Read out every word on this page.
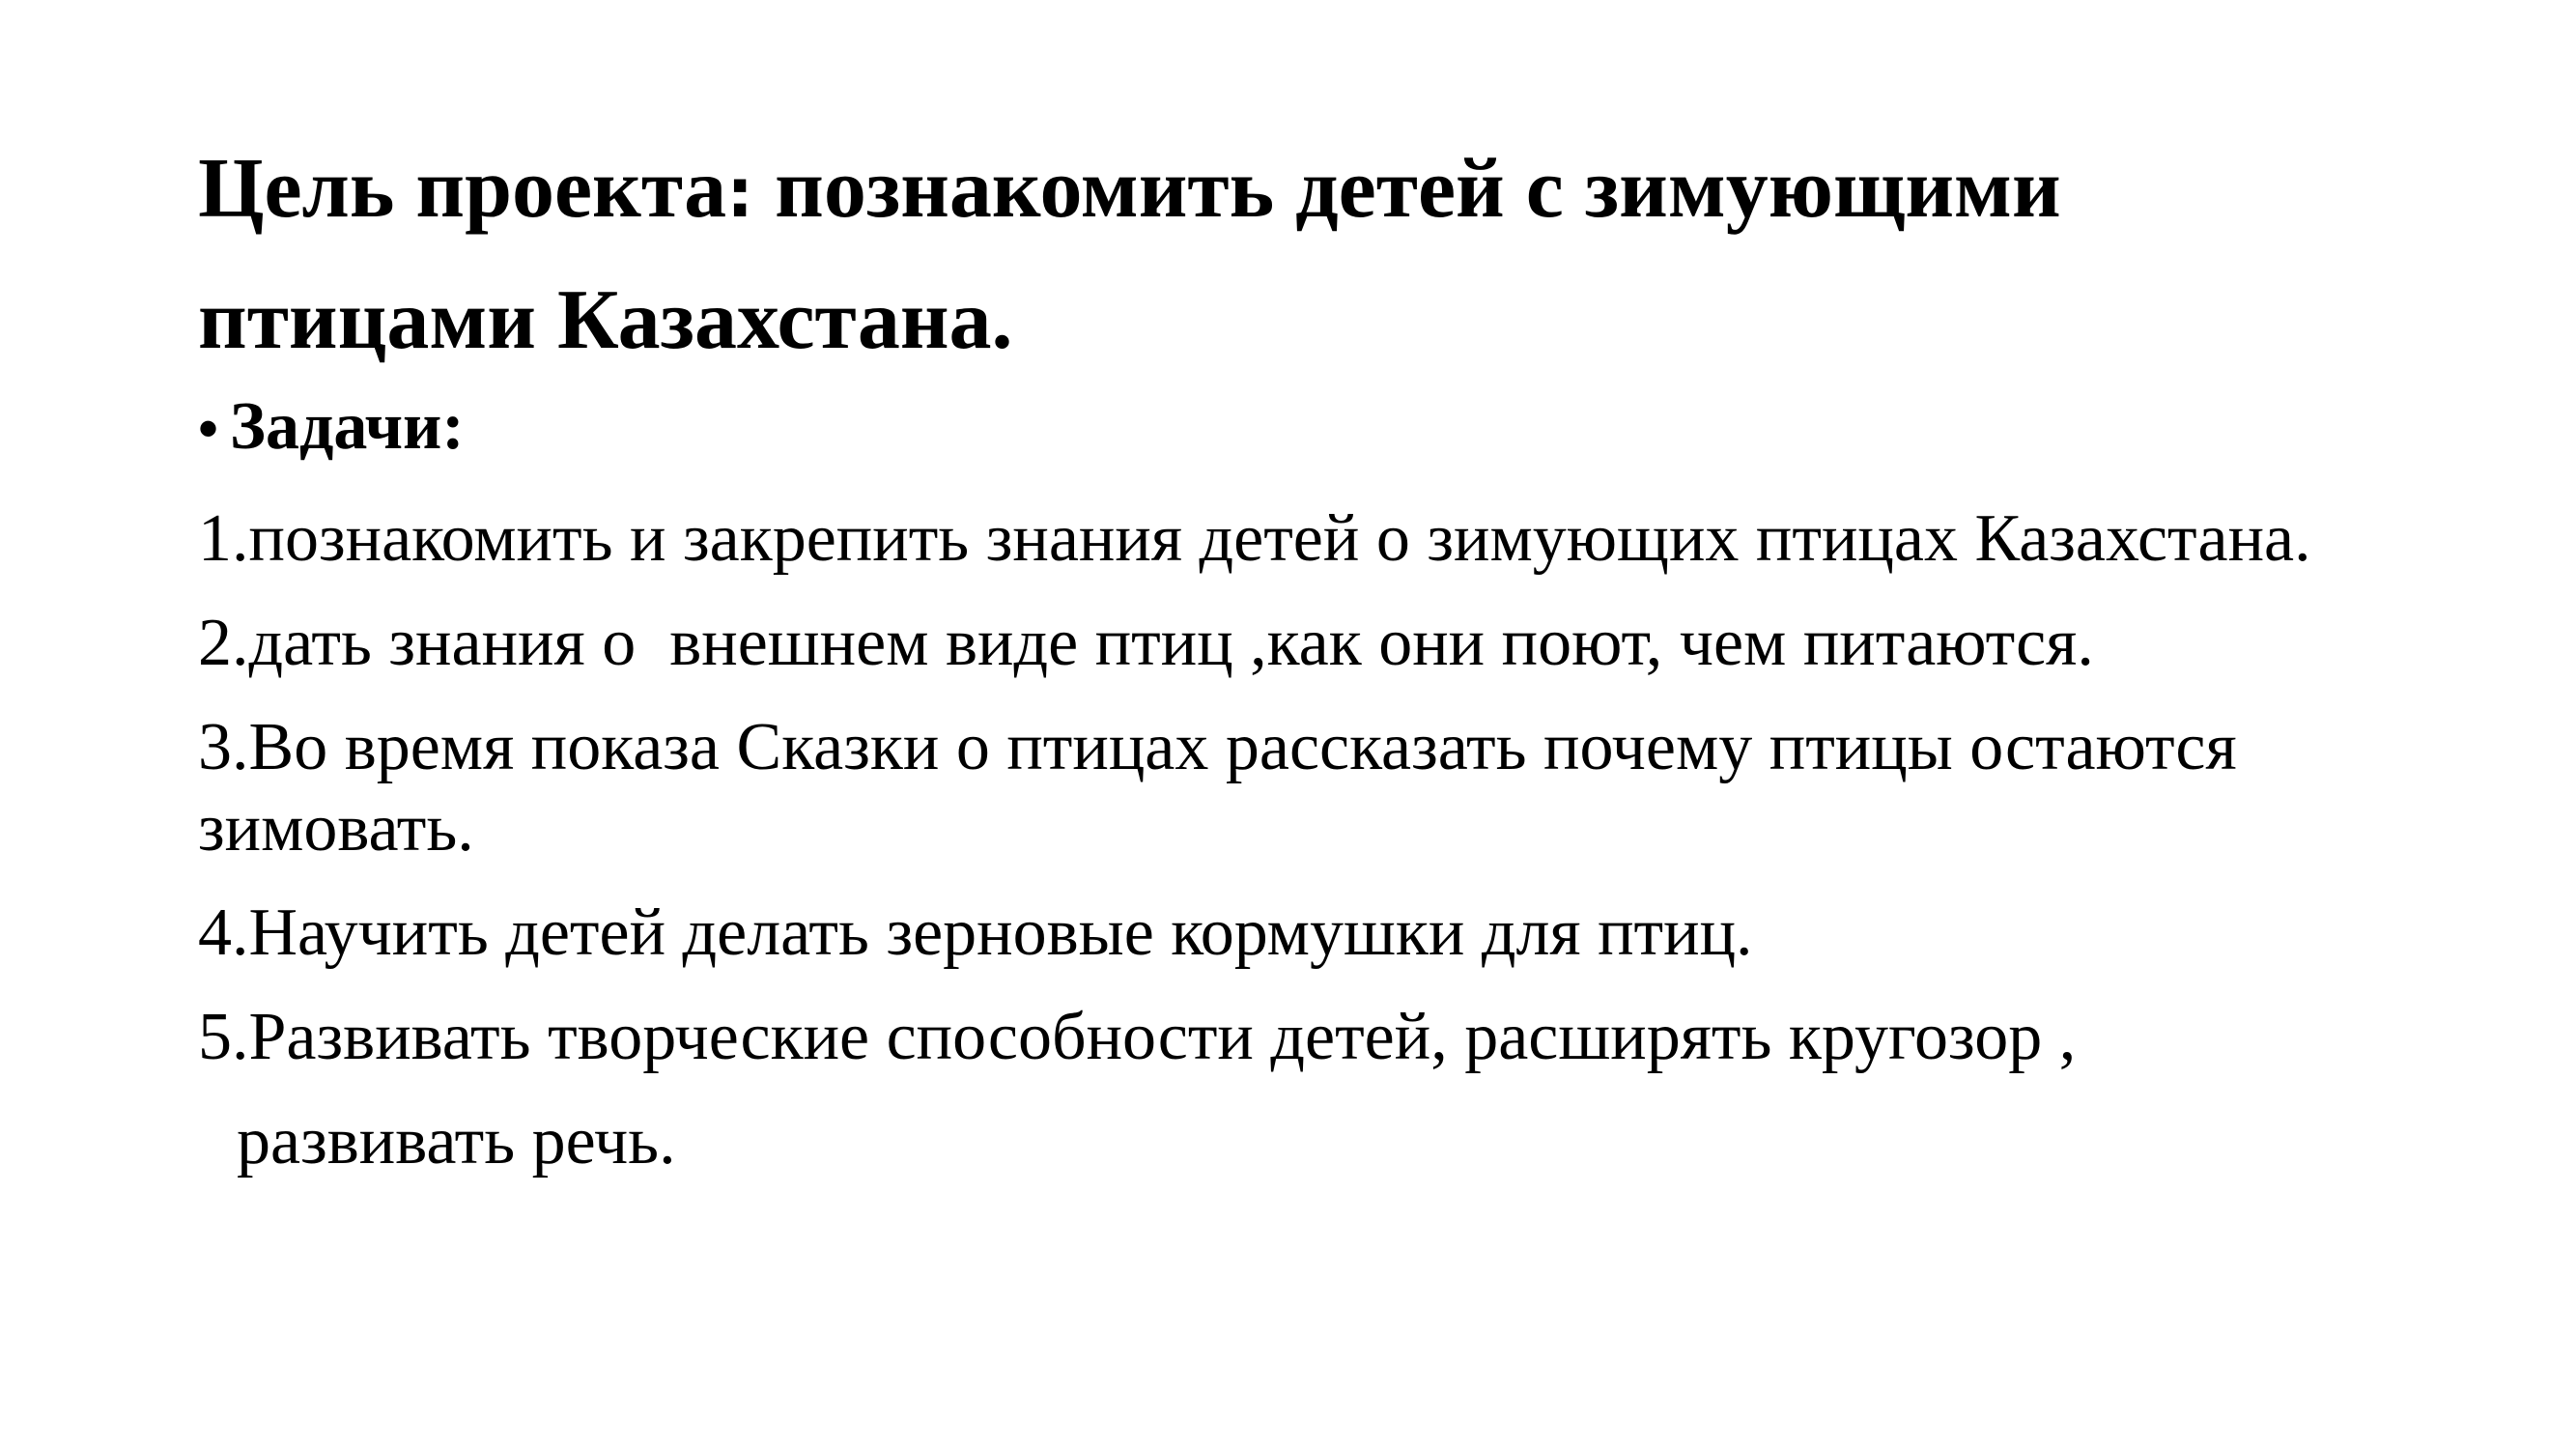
Цель проекта: познакомить детей с зимующими птицами Казахстана.

• Задачи:

1.познакомить и закрепить знания детей о зимующих птицах Казахстана.

2.дать знания о  внешнем виде птиц ,как они поют, чем питаются.

3.Во время показа Сказки о птицах рассказать почему птицы остаются зимовать.

4.Научить детей делать зерновые кормушки для птиц.

5.Развивать творческие способности детей, расширять кругозор ,

развивать речь.
